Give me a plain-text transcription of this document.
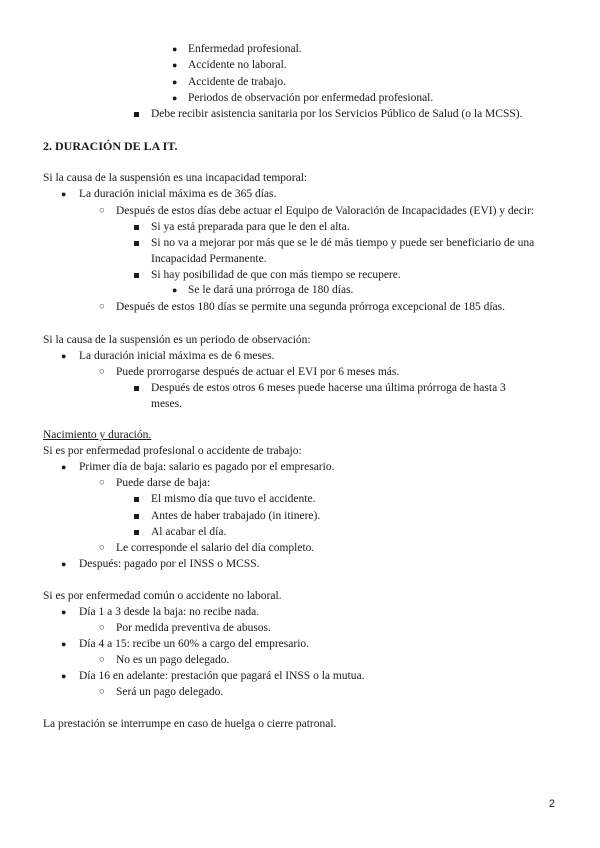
● Enfermedad profesional.
● Accidente no laboral.
● Accidente de trabajo.
● Periodos de observación por enfermedad profesional.
Debe recibir asistencia sanitaria por los Servicios Público de Salud (o la MCSS).
2. DURACIÓN DE LA IT.
Si la causa de la suspensión es una incapacidad temporal:
● La duración inicial máxima es de 365 días.
○ Después de estos días debe actuar el Equipo de Valoración de Incapacidades (EVI) y decir:
Si ya está preparada para que le den el alta.
Si no va a mejorar por más que se le dé más tiempo y puede ser beneficiario de una
Incapacidad Permanente.
Si hay posibilidad de que con más tiempo se recupere.
● Se le dará una prórroga de 180 días.
○ Después de estos 180 días se permite una segunda prórroga excepcional de 185 días.
Si la causa de la suspensión es un periodo de observación:
● La duración inicial máxima es de 6 meses.
○ Puede prorrogarse después de actuar el EVI por 6 meses más.
Después de estos otros 6 meses puede hacerse una última prórroga de hasta 3
meses.
Nacimiento y duración.
Si es por enfermedad profesional o accidente de trabajo:
● Primer día de baja: salario es pagado por el empresario.
○ Puede darse de baja:
El mismo día que tuvo el accidente.
Antes de haber trabajado (in itinere).
Al acabar el día.
○ Le corresponde el salario del día completo.
● Después: pagado por el INSS o MCSS.
Si es por enfermedad común o accidente no laboral.
● Día 1 a 3 desde la baja: no recibe nada.
○ Por medida preventiva de abusos.
● Día 4 a 15: recibe un 60% a cargo del empresario.
○ No es un pago delegado.
● Día 16 en adelante: prestación que pagará el INSS o la mutua.
○ Será un pago delegado.
La prestación se interrumpe en caso de huelga o cierre patronal.
2
